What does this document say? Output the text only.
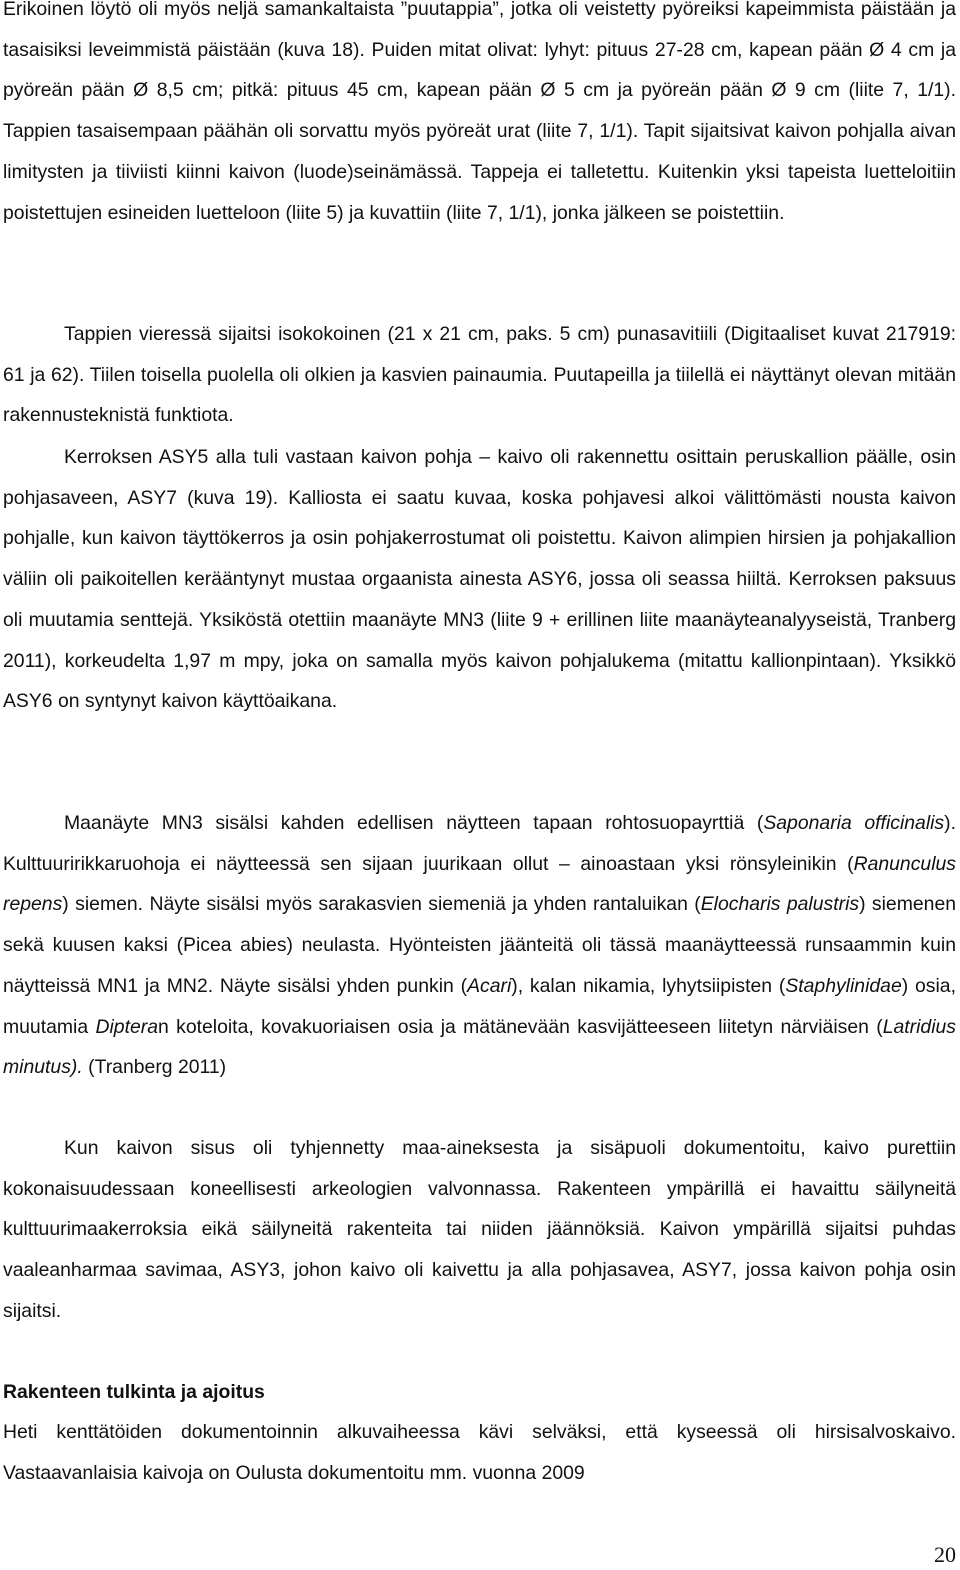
Erikoinen löytö oli myös neljä samankaltaista ”puutappia”, jotka oli veistetty pyöreiksi kapeimmista päistään ja tasaisiksi leveimmistä päistään (kuva 18). Puiden mitat olivat: lyhyt: pituus 27-28 cm, kapean pään Ø 4 cm ja pyöreän pään Ø 8,5 cm; pitkä: pituus 45 cm, kapean pään Ø 5 cm ja pyöreän pään Ø 9 cm (liite 7, 1/1). Tappien tasaisempaan päähän oli sorvattu myös pyöreät urat (liite 7, 1/1). Tapit sijaitsivat kaivon pohjalla aivan limitysten ja tiiviisti kiinni kaivon (luode)seinämässä. Tappeja ei talletettu. Kuitenkin yksi tapeista luetteloitiin poistettujen esineiden luetteloon (liite 5) ja kuvattiin (liite 7, 1/1), jonka jälkeen se poistettiin.

Tappien vieressä sijaitsi isokokoinen (21 x 21 cm, paks. 5 cm) punasavitiili (Digitaaliset kuvat 217919: 61 ja 62). Tiilen toisella puolella oli olkien ja kasvien painaumia. Puutapeilla ja tiilellä ei näyttänyt olevan mitään rakennusteknistä funktiota.

Kerroksen ASY5 alla tuli vastaan kaivon pohja – kaivo oli rakennettu osittain peruskallion päälle, osin pohjasaveen, ASY7 (kuva 19). Kalliosta ei saatu kuvaa, koska pohjavesi alkoi välittömästi nousta kaivon pohjalle, kun kaivon täyttökerros ja osin pohjakerrostumat oli poistettu. Kaivon alimpien hirsien ja pohjakallion väliin oli paikoitellen kerääntynyt mustaa orgaanista ainesta ASY6, jossa oli seassa hiiltä. Kerroksen paksuus oli muutamia senttejä. Yksiköstä otettiin maanäyte MN3 (liite 9 + erillinen liite maanäyteanalyyseistä, Tranberg 2011), korkeudelta 1,97 m mpy, joka on samalla myös kaivon pohjalukema (mitattu kallionpintaan). Yksikkö ASY6 on syntynyt kaivon käyttöaikana.

Maanäyte MN3 sisälsi kahden edellisen näytteen tapaan rohtosuopayrttiä (Saponaria officinalis). Kulttuuririkkaruohoja ei näytteessä sen sijaan juurikaan ollut – ainoastaan yksi rönsyleinikin (Ranunculus repens) siemen. Näyte sisälsi myös sarakasvien siemeniä ja yhden rantaluikan (Elocharis palustris) siemenen sekä kuusen kaksi (Picea abies) neulasta. Hyönteisten jäänteitä oli tässä maanäytteessä runsaammin kuin näytteissä MN1 ja MN2. Näyte sisälsi yhden punkin (Acari), kalan nikamia, lyhytsiipisten (Staphylinidae) osia, muutamia Dipteran koteloita, kovakuoriaisen osia ja mätänevään kasvijätteeseen liitetyn närviäisen (Latridius minutus). (Tranberg 2011)

Kun kaivon sisus oli tyhjennetty maa-aineksesta ja sisäpuoli dokumentoitu, kaivo purettiin kokonaisuudessaan koneellisesti arkeologien valvonnassa. Rakenteen ympärillä ei havaittu säilyneitä kulttuurimaakerroksia eikä säilyneitä rakenteita tai niiden jäännöksiä. Kaivon ympärillä sijaitsi puhdas vaaleanharmaa savimaa, ASY3, johon kaivo oli kaivettu ja alla pohjasavea, ASY7, jossa kaivon pohja osin sijaitsi.

Rakenteen tulkinta ja ajoitus

Heti kenttätöiden dokumentoinnin alkuvaiheessa kävi selväksi, että kyseessä oli hirsisalvoskaivo. Vastaavanlaisia kaivoja on Oulusta dokumentoitu mm. vuonna 2009

20
